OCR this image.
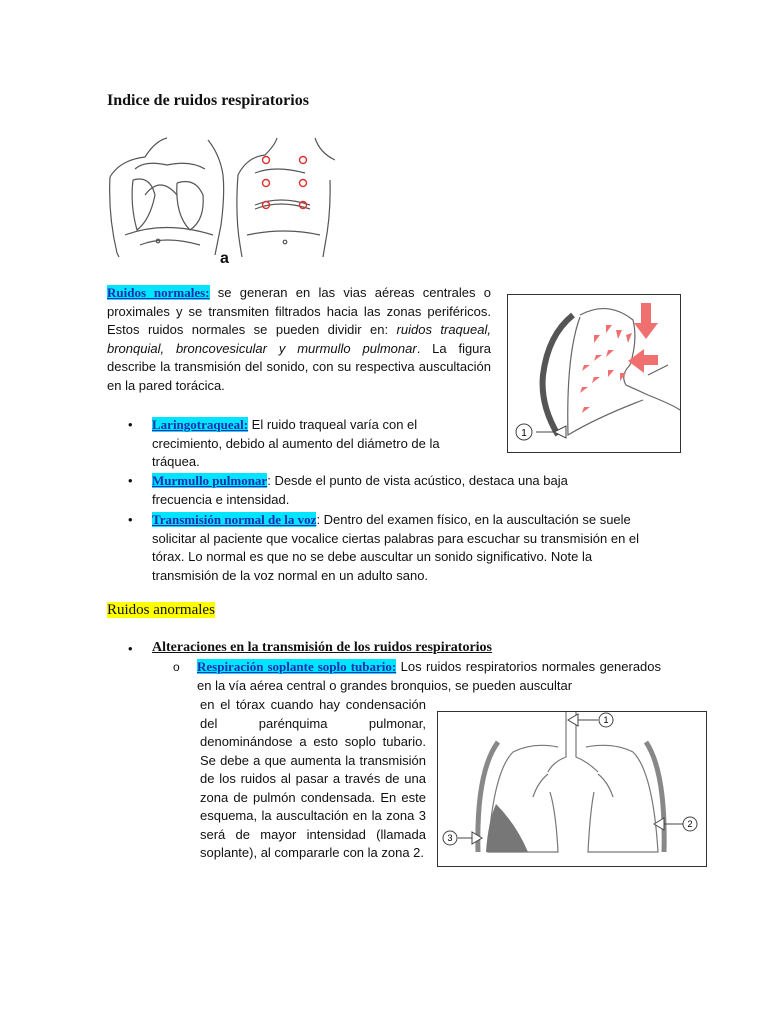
Indice de ruidos respiratorios
a
Ruidos normales: se generan en las vias aéreas centrales o proximales y se transmiten filtrados hacia las zonas periféricos. Estos ruidos normales se pueden dividir en: ruidos traqueal, bronquial, broncovesicular y murmullo pulmonar. La figura describe la transmisión del sonido, con su respectiva auscultación en la pared torácica.
1
• Laringotraqueal: El ruido traqueal varía con el crecimiento, debido al aumento del diámetro de la tráquea.
• Murmullo pulmonar: Desde el punto de vista acústico, destaca una baja frecuencia e intensidad.
• Transmisión normal de la voz: Dentro del examen físico, en la auscultación se suele solicitar al paciente que vocalice ciertas palabras para escuchar su transmisión en el tórax. Lo normal es que no se debe auscultar un sonido significativo. Note la transmisión de la voz normal en un adulto sano.
Ruidos anormales
• Alteraciones en la transmisión de los ruidos respiratorios
o Respiración soplante soplo tubario: Los ruidos respiratorios normales generados en la vía aérea central o grandes bronquios, se pueden auscultar
en el tórax cuando hay condensación del parénquima pulmonar, denominándose a esto soplo tubario. Se debe a que aumenta la transmisión de los ruidos al pasar a través de una zona de pulmón condensada. En este esquema, la auscultación en la zona 3 será de mayor intensidad (llamada soplante), al compararle con la zona 2.
1
2
3
